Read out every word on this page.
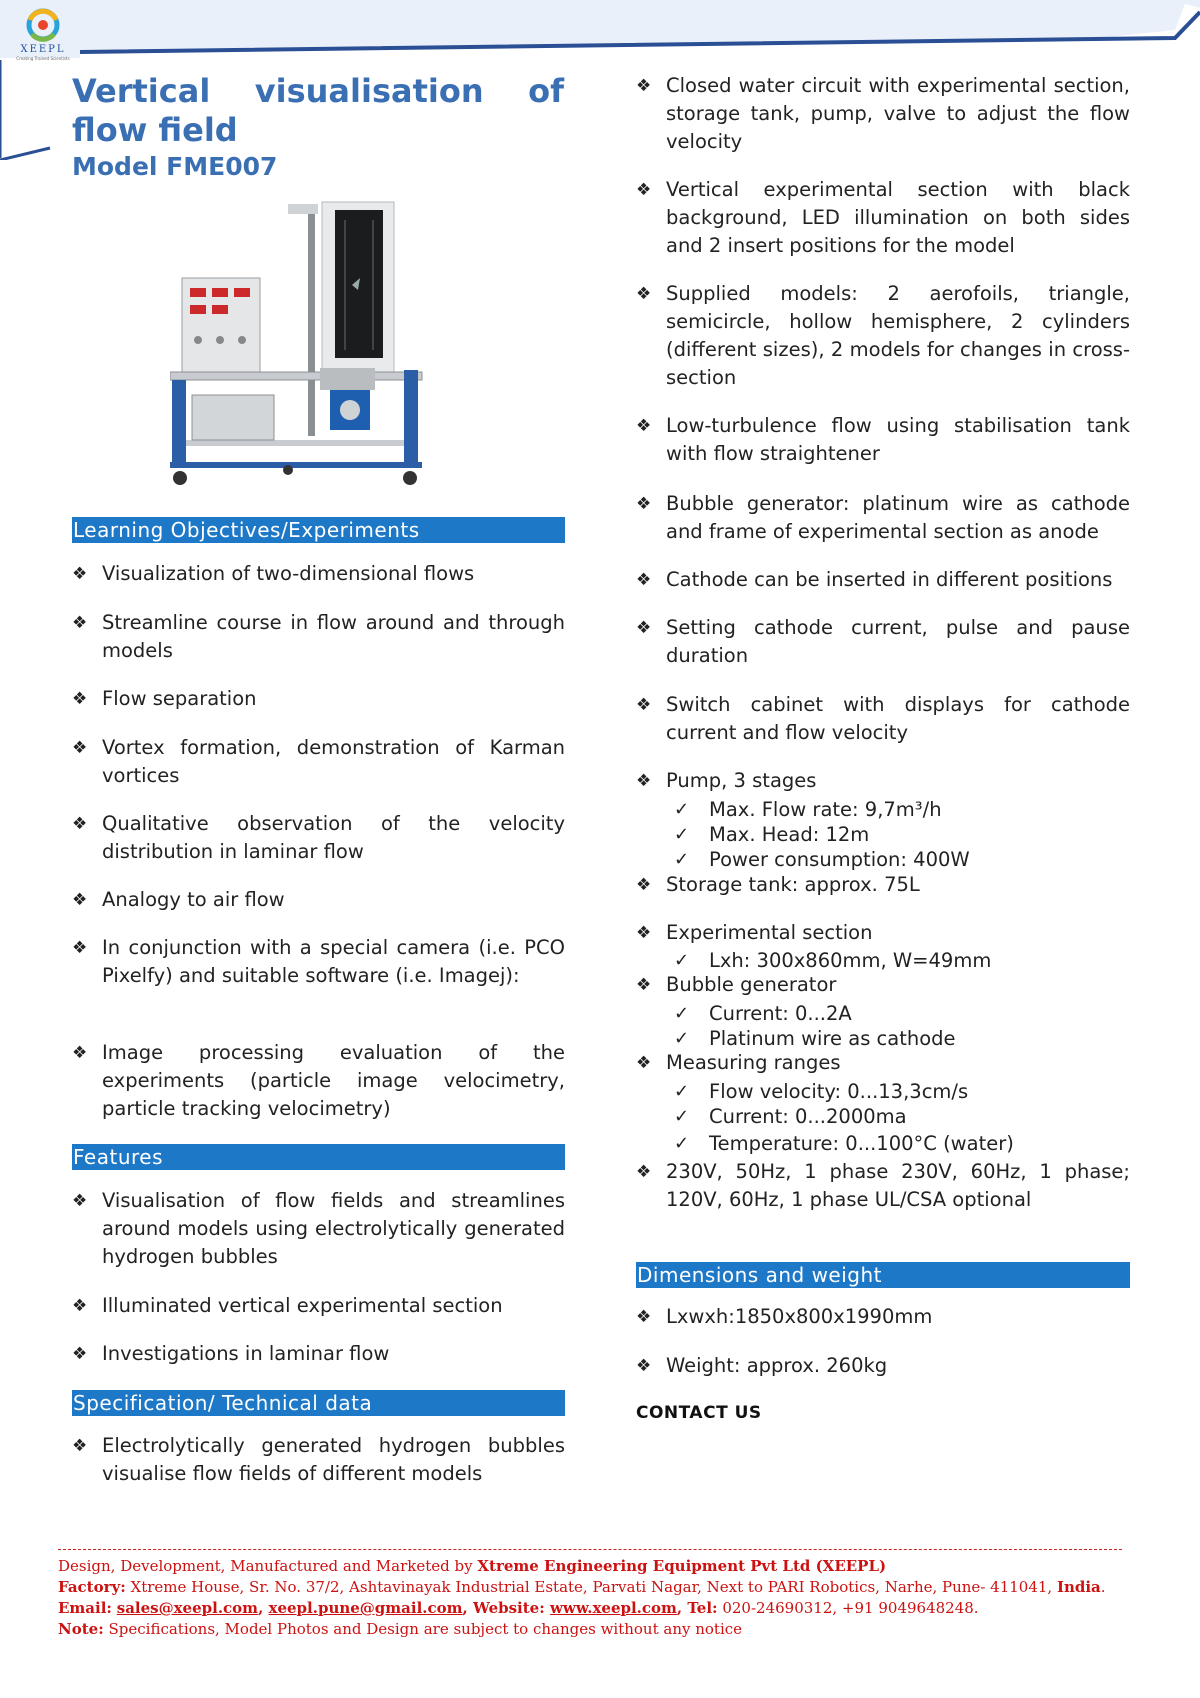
XEEPL
Creating Trained Scientists
Vertical visualisation of
flow field
Model FME007
Learning Objectives/Experiments
❖ Visualization of two-dimensional flows
❖ Streamline course in flow around and through models
❖ Flow separation
❖ Vortex formation, demonstration of Karman vortices
❖ Qualitative observation of the velocity distribution in laminar flow
❖ Analogy to air flow
❖ In conjunction with a special camera (i.e. PCO Pixelfy) and suitable software (i.e. Imagej):
❖ Image processing evaluation of the experiments (particle image velocimetry, particle tracking velocimetry)
Features
❖ Visualisation of flow fields and streamlines around models using electrolytically generated hydrogen bubbles
❖ Illuminated vertical experimental section
❖ Investigations in laminar flow
Specification/ Technical data
❖ Electrolytically generated hydrogen bubbles visualise flow fields of different models
❖ Closed water circuit with experimental section, storage tank, pump, valve to adjust the flow velocity
❖ Vertical experimental section with black background, LED illumination on both sides and 2 insert positions for the model
❖ Supplied models: 2 aerofoils, triangle, semicircle, hollow hemisphere, 2 cylinders (different sizes), 2 models for changes in cross-section
❖ Low-turbulence flow using stabilisation tank with flow straightener
❖ Bubble generator: platinum wire as cathode and frame of experimental section as anode
❖ Cathode can be inserted in different positions
❖ Setting cathode current, pulse and pause duration
❖ Switch cabinet with displays for cathode current and flow velocity
❖ Pump, 3 stages
✓ Max. Flow rate: 9,7m³/h
✓ Max. Head: 12m
✓ Power consumption: 400W
❖ Storage tank: approx. 75L
❖ Experimental section
✓ Lxh: 300x860mm, W=49mm
❖ Bubble generator
✓ Current: 0...2A
✓ Platinum wire as cathode
❖ Measuring ranges
✓ Flow velocity: 0...13,3cm/s
✓ Current: 0...2000ma
✓ Temperature: 0...100°C (water)
❖ 230V, 50Hz, 1 phase 230V, 60Hz, 1 phase; 120V, 60Hz, 1 phase UL/CSA optional
Dimensions and weight
❖ Lxwxh:1850x800x1990mm
❖ Weight: approx. 260kg
CONTACT US
Design, Development, Manufactured and Marketed by Xtreme Engineering Equipment Pvt Ltd (XEEPL)
Factory: Xtreme House, Sr. No. 37/2, Ashtavinayak Industrial Estate, Parvati Nagar, Next to PARI Robotics, Narhe, Pune- 411041, India.
Email: sales@xeepl.com, xeepl.pune@gmail.com, Website: www.xeepl.com, Tel: 020-24690312, +91 9049648248.
Note: Specifications, Model Photos and Design are subject to changes without any notice
